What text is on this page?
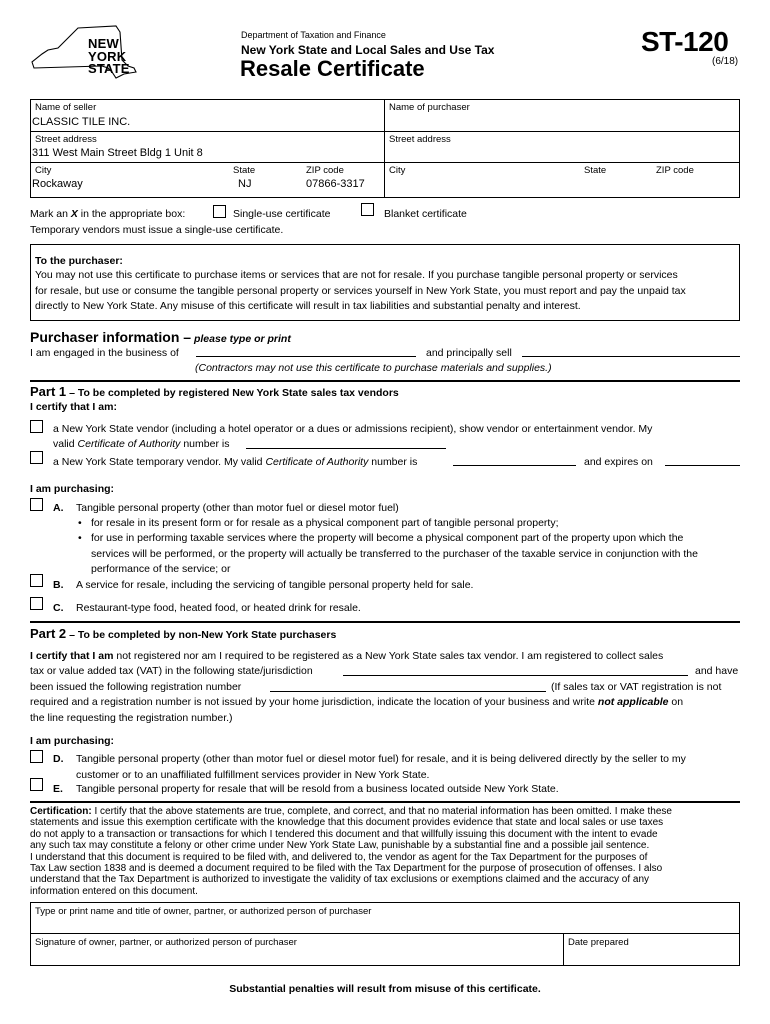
NEW
YORK
STATE
Department of Taxation and Finance
New York State and Local Sales and Use Tax
Resale Certificate
ST-120
(6/18)
Name of seller
CLASSIC TILE INC.
Street address
311 West Main Street Bldg 1 Unit 8
City
Rockaway
State
NJ
ZIP code
07866-3317
Name of purchaser
Street address
City	State	ZIP code
Mark an X in the appropriate box:	Single-use certificate	Blanket certificate
Temporary vendors must issue a single-use certificate.
To the purchaser:
You may not use this certificate to purchase items or services that are not for resale. If you purchase tangible personal property or services
for resale, but use or consume the tangible personal property or services yourself in New York State, you must report and pay the unpaid tax
directly to New York State. Any misuse of this certificate will result in tax liabilities and substantial penalty and interest.
Purchaser information – please type or print
I am engaged in the business of	and principally sell
(Contractors may not use this certificate to purchase materials and supplies.)
Part 1 – To be completed by registered New York State sales tax vendors
I certify that I am:
a New York State vendor (including a hotel operator or a dues or admissions recipient), show vendor or entertainment vendor. My
valid Certificate of Authority number is
a New York State temporary vendor. My valid Certificate of Authority number is	and expires on
I am purchasing:
A. Tangible personal property (other than motor fuel or diesel motor fuel)
• for resale in its present form or for resale as a physical component part of tangible personal property;
• for use in performing taxable services where the property will become a physical component part of the property upon which the
services will be performed, or the property will actually be transferred to the purchaser of the taxable service in conjunction with the
performance of the service; or
B. A service for resale, including the servicing of tangible personal property held for sale.
C. Restaurant-type food, heated food, or heated drink for resale.
Part 2 – To be completed by non-New York State purchasers
I certify that I am not registered nor am I required to be registered as a New York State sales tax vendor. I am registered to collect sales
tax or value added tax (VAT) in the following state/jurisdiction	and have
been issued the following registration number	(If sales tax or VAT registration is not
required and a registration number is not issued by your home jurisdiction, indicate the location of your business and write not applicable on
the line requesting the registration number.)
I am purchasing:
D. Tangible personal property (other than motor fuel or diesel motor fuel) for resale, and it is being delivered directly by the seller to my
customer or to an unaffiliated fulfillment services provider in New York State.
E. Tangible personal property for resale that will be resold from a business located outside New York State.
Certification: I certify that the above statements are true, complete, and correct, and that no material information has been omitted. I make these
statements and issue this exemption certificate with the knowledge that this document provides evidence that state and local sales or use taxes
do not apply to a transaction or transactions for which I tendered this document and that willfully issuing this document with the intent to evade
any such tax may constitute a felony or other crime under New York State Law, punishable by a substantial fine and a possible jail sentence.
I understand that this document is required to be filed with, and delivered to, the vendor as agent for the Tax Department for the purposes of
Tax Law section 1838 and is deemed a document required to be filed with the Tax Department for the purpose of prosecution of offenses. I also
understand that the Tax Department is authorized to investigate the validity of tax exclusions or exemptions claimed and the accuracy of any
information entered on this document.
Type or print name and title of owner, partner, or authorized person of purchaser
Signature of owner, partner, or authorized person of purchaser	Date prepared
Substantial penalties will result from misuse of this certificate.
